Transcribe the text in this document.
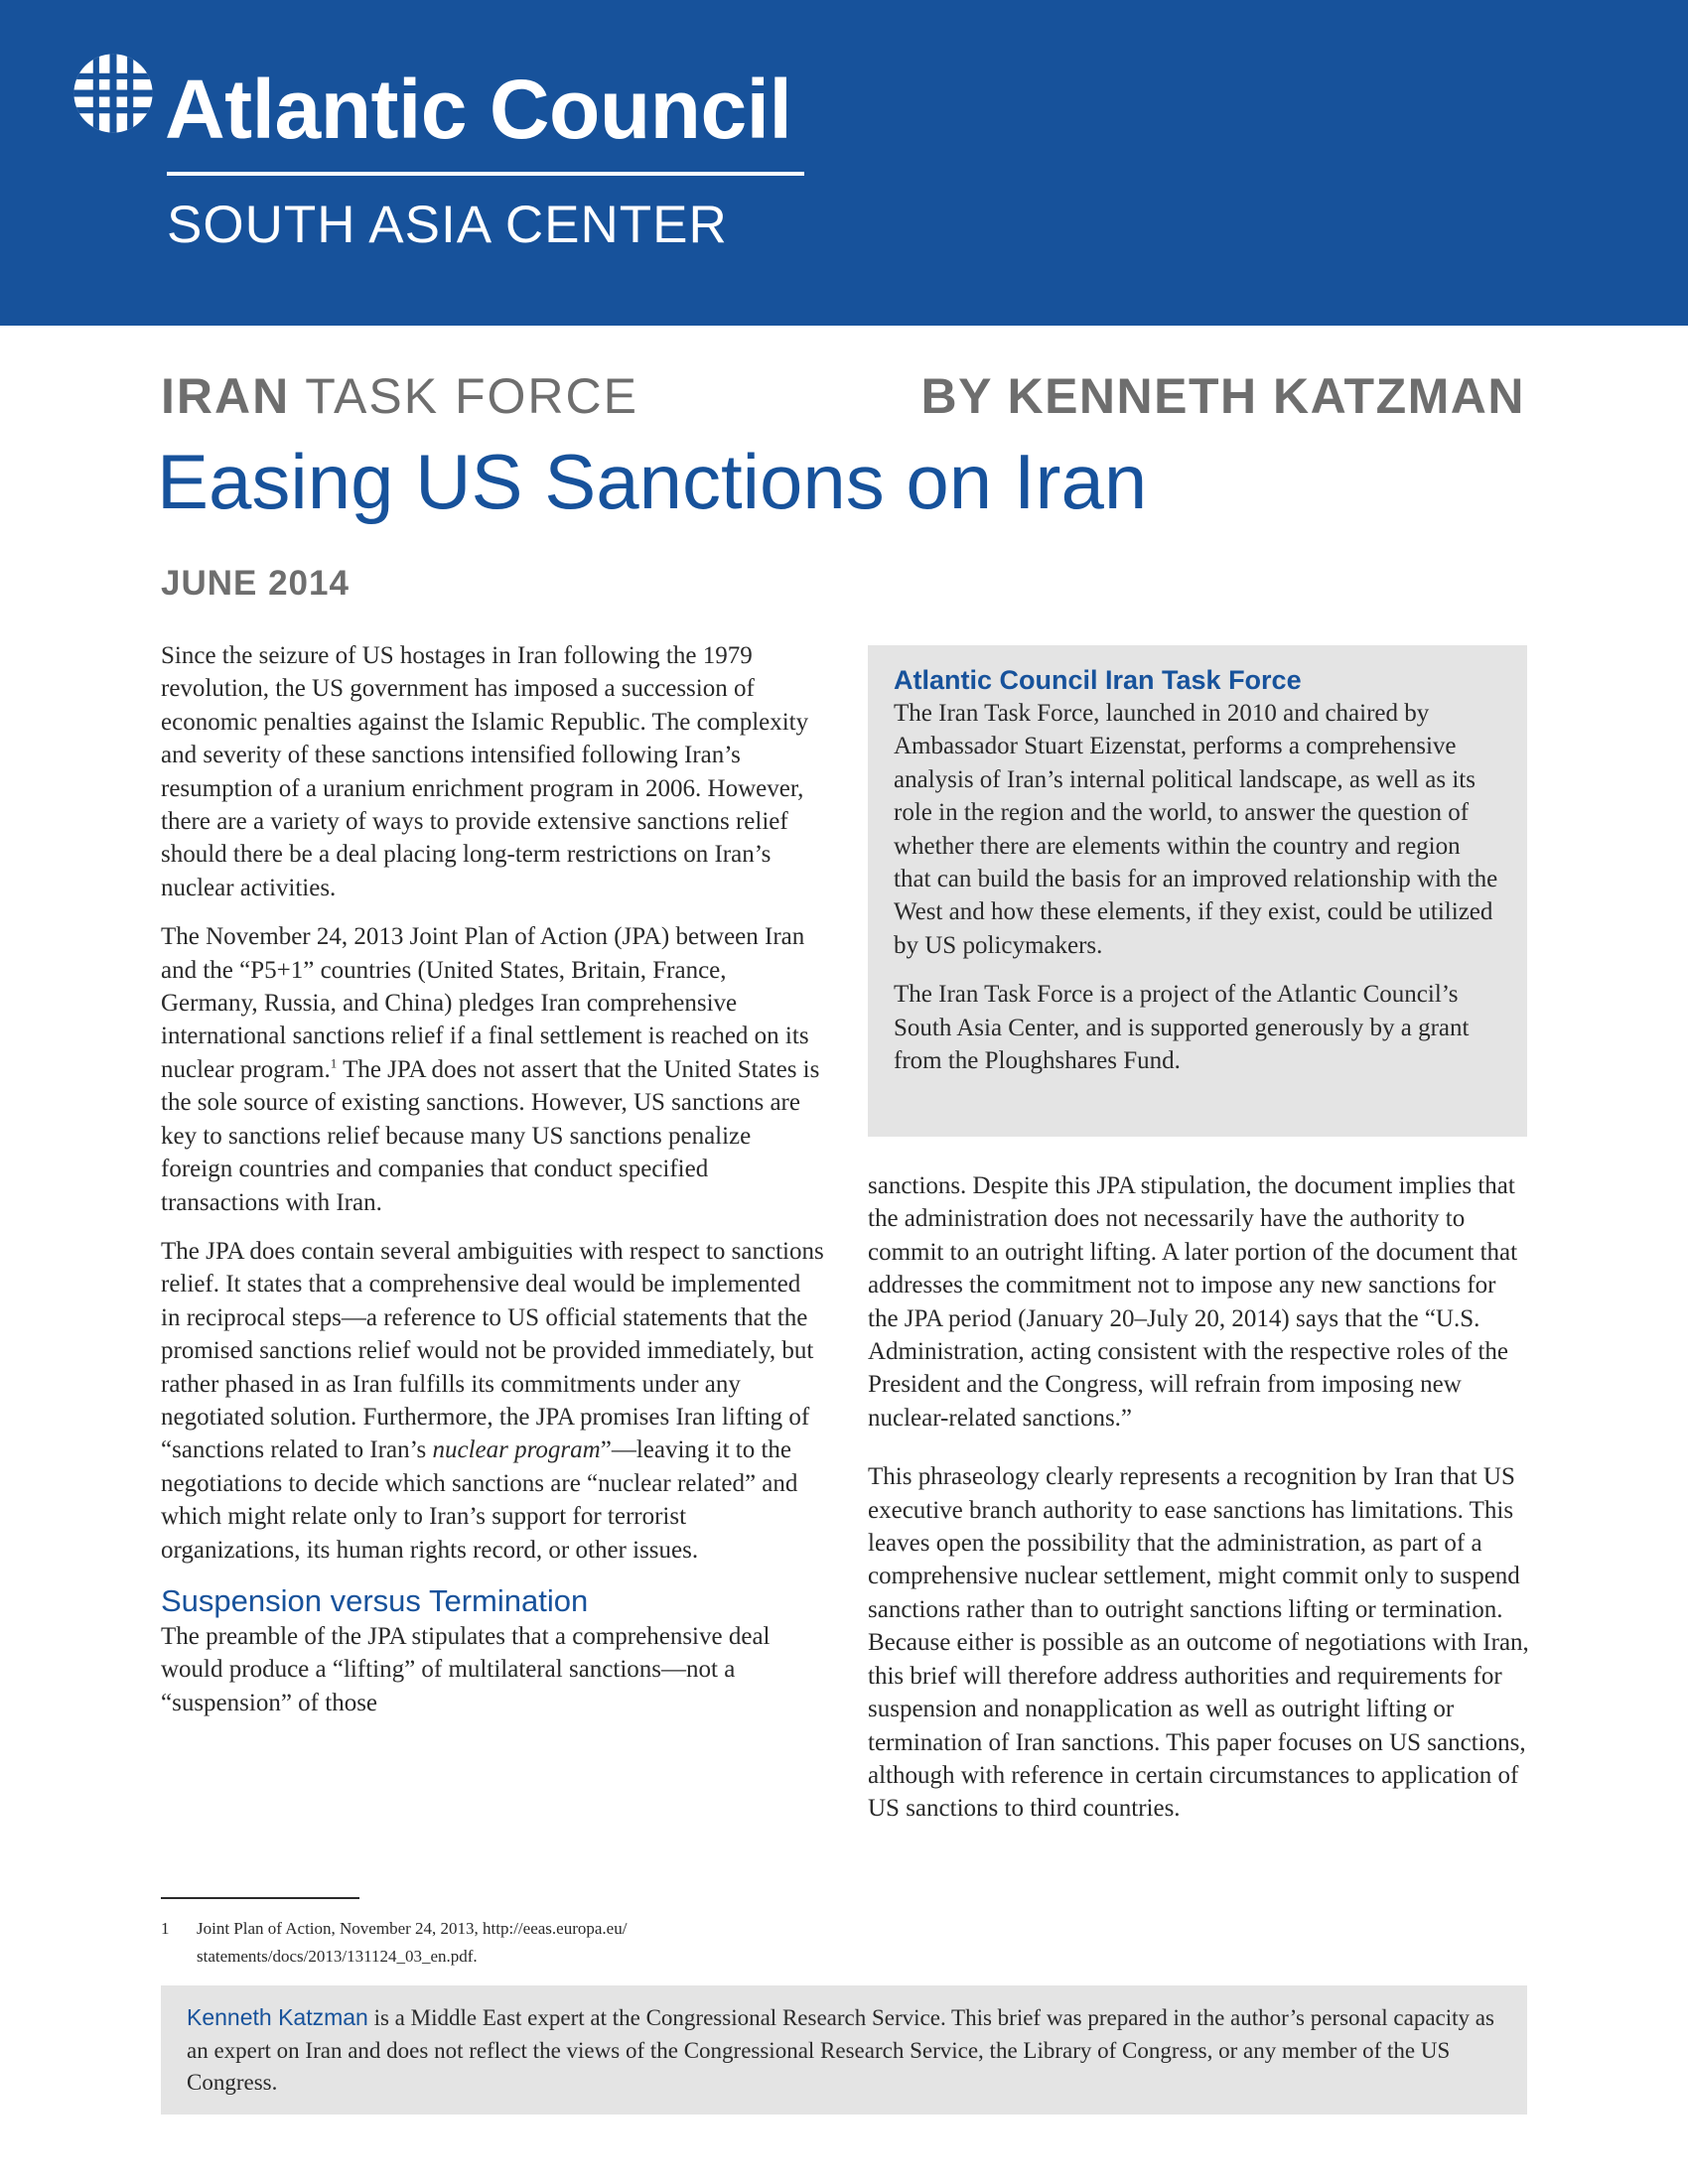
Atlantic Council
SOUTH ASIA CENTER
IRAN TASK FORCE	BY KENNETH KATZMAN
Easing US Sanctions on Iran
JUNE 2014

Since the seizure of US hostages in Iran following the 1979 revolution, the US government has imposed a succession of economic penalties against the Islamic Republic. The complexity and severity of these sanctions intensified following Iran’s resumption of a uranium enrichment program in 2006. However, there are a variety of ways to provide extensive sanctions relief should there be a deal placing long-term restrictions on Iran’s nuclear activities.

The November 24, 2013 Joint Plan of Action (JPA) between Iran and the “P5+1” countries (United States, Britain, France, Germany, Russia, and China) pledges Iran comprehensive international sanctions relief if a final settlement is reached on its nuclear program.$^1$ The JPA does not assert that the United States is the sole source of existing sanctions. However, US sanctions are key to sanctions relief because many US sanctions penalize foreign countries and companies that conduct specified transactions with Iran.

The JPA does contain several ambiguities with respect to sanctions relief. It states that a comprehensive deal would be implemented in reciprocal steps—a reference to US official statements that the promised sanctions relief would not be provided immediately, but rather phased in as Iran fulfills its commitments under any negotiated solution. Furthermore, the JPA promises Iran lifting of “sanctions related to Iran’s nuclear program”—leaving it to the negotiations to decide which sanctions are “nuclear related” and which might relate only to Iran’s support for terrorist organizations, its human rights record, or other issues.

Suspension versus Termination

The preamble of the JPA stipulates that a comprehensive deal would produce a “lifting” of multilateral sanctions—not a “suspension” of those

1 Joint Plan of Action, November 24, 2013, http://eeas.europa.eu/
statements/docs/2013/131124_03_en.pdf.
Atlantic Council Iran Task Force

The Iran Task Force, launched in 2010 and chaired by Ambassador Stuart Eizenstat, performs a comprehensive analysis of Iran’s internal political landscape, as well as its role in the region and the world, to answer the question of whether there are elements within the country and region that can build the basis for an improved relationship with the West and how these elements, if they exist, could be utilized by US policymakers.

The Iran Task Force is a project of the Atlantic Council’s South Asia Center, and is supported generously by a grant from the Ploughshares Fund.

sanctions. Despite this JPA stipulation, the document implies that the administration does not necessarily have the authority to commit to an outright lifting. A later portion of the document that addresses the commitment not to impose any new sanctions for the JPA period (January 20–July 20, 2014) says that the “U.S. Administration, acting consistent with the respective roles of the President and the Congress, will refrain from imposing new nuclear-related sanctions.”

This phraseology clearly represents a recognition by Iran that US executive branch authority to ease sanctions has limitations. This leaves open the possibility that the administration, as part of a comprehensive nuclear settlement, might commit only to suspend sanctions rather than to outright sanctions lifting or termination. Because either is possible as an outcome of negotiations with Iran, this brief will therefore address authorities and requirements for suspension and nonapplication as well as outright lifting or termination of Iran sanctions. This paper focuses on US sanctions, although with reference in certain circumstances to application of US sanctions to third countries.

Kenneth Katzman is a Middle East expert at the Congressional Research Service. This brief was prepared in the author’s personal capacity as an expert on Iran and does not reflect the views of the Congressional Research Service, the Library of Congress, or any member of the US Congress.
